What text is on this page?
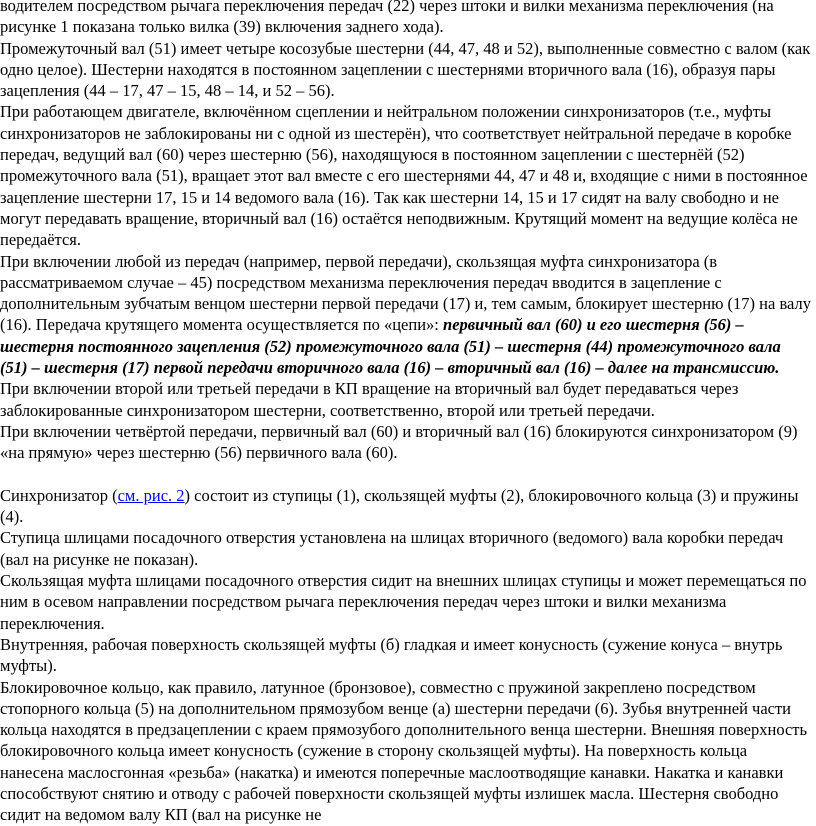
водителем посредством рычага переключения передач (22) через штоки и вилки механизма переключения (на рисунке 1 показана только вилка (39) включения заднего хода).

Промежуточный вал (51) имеет четыре косозубые шестерни (44, 47, 48 и 52), выполненные совместно с валом (как одно целое). Шестерни находятся в постоянном зацеплении с шестернями вторичного вала (16), образуя пары зацепления (44 – 17, 47 – 15, 48 – 14, и 52 – 56).

При работающем двигателе, включённом сцеплении и нейтральном положении синхронизаторов (т.е., муфты синхронизаторов не заблокированы ни с одной из шестерён), что соответствует нейтральной передаче в коробке передач, ведущий вал (60) через шестерню (56), находящуюся в постоянном зацеплении с шестернёй (52) промежуточного вала (51), вращает этот вал вместе с его шестернями 44, 47 и 48 и, входящие с ними в постоянное зацепление шестерни 17, 15 и 14 ведомого вала (16). Так как шестерни 14, 15 и 17 сидят на валу свободно и не могут передавать вращение, вторичный вал (16) остаётся неподвижным. Крутящий момент на ведущие колёса не передаётся.

При включении любой из передач (например, первой передачи), скользящая муфта синхронизатора (в рассматриваемом случае – 45) посредством механизма переключения передач вводится в зацепление с дополнительным зубчатым венцом шестерни первой передачи (17) и, тем самым, блокирует шестерню (17) на валу (16). Передача крутящего момента осуществляется по «цепи»: первичный вал (60) и его шестерня (56) – шестерня постоянного зацепления (52) промежуточного вала (51) – шестерня (44) промежуточного вала (51) – шестерня (17) первой передачи вторичного вала (16) – вторичный вал (16) – далее на трансмиссию.

При включении второй или третьей передачи в КП вращение на вторичный вал будет передаваться через заблокированные синхронизатором шестерни, соответственно, второй или третьей передачи.

При включении четвёртой передачи, первичный вал (60) и вторичный вал (16) блокируются синхронизатором (9) «на прямую» через шестерню (56) первичного вала (60).

Синхронизатор (см. рис. 2) состоит из ступицы (1), скользящей муфты (2), блокировочного кольца (3) и пружины (4).

Ступица шлицами посадочного отверстия установлена на шлицах вторичного (ведомого) вала коробки передач (вал на рисунке не показан).

Скользящая муфта шлицами посадочного отверстия сидит на внешних шлицах ступицы и может перемещаться по ним в осевом направлении посредством рычага переключения передач через штоки и вилки механизма переключения.

Внутренняя, рабочая поверхность скользящей муфты (б) гладкая и имеет конусность (сужение конуса – внутрь муфты).

Блокировочное кольцо, как правило, латунное (бронзовое), совместно с пружиной закреплено посредством стопорного кольца (5) на дополнительном прямозубом венце (а) шестерни передачи (6). Зубья внутренней части кольца находятся в предзацеплении с краем прямозубого дополнительного венца шестерни. Внешняя поверхность блокировочного кольца имеет конусность (сужение в сторону скользящей муфты). На поверхность кольца нанесена маслосгонная «резьба» (накатка) и имеются поперечные маслоотводящие канавки. Накатка и канавки способствуют снятию и отводу с рабочей поверхности скользящей муфты излишек масла. Шестерня свободно сидит на ведомом валу КП (вал на рисунке не
